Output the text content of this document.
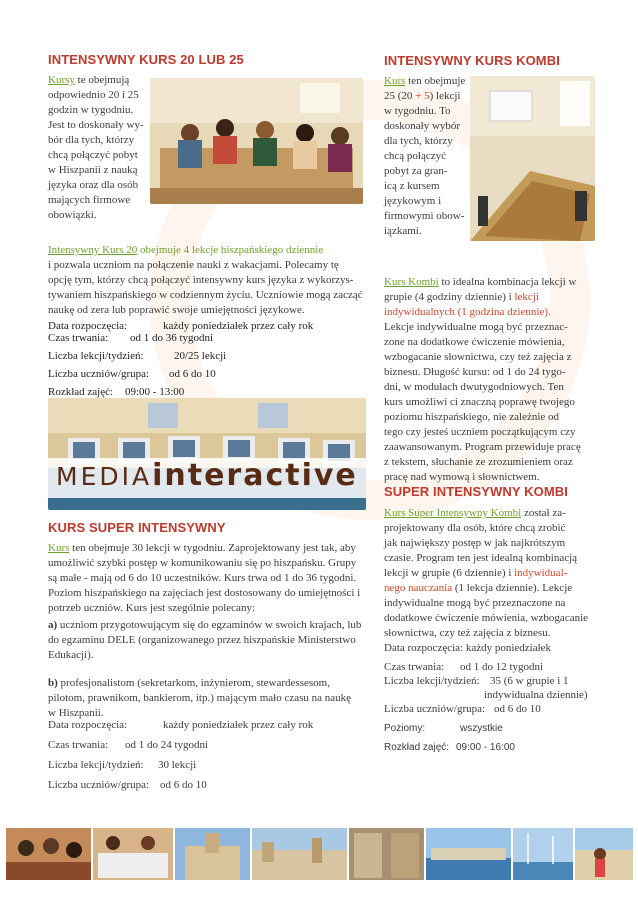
INTENSYWNY KURS 20 LUB 25
Kursy te obejmują
odpowiednio 20 i 25
godzin w tygodniu.
Jest to doskonały wy-
bór dla tych, którzy
chcą połączyć pobyt
w Hiszpanii z nauką
języka oraz dla osób
mających firmowe
obowiązki.
Intensywny Kurs 20 obejmuje 4 lekcje hiszpańskiego dziennie
i pozwala uczniom na połączenie nauki z wakacjami. Polecamy tę
opcję tym, którzy chcą połączyć intensywny kurs języka z wykorzys-
tywaniem hiszpańskiego w codziennym życiu. Uczniowie mogą zacząć
naukę od zera lub poprawić swoje umiejętności językowe.
Data rozpoczęcia:	każdy poniedziałek przez cały rok
Czas trwania:	od 1 do 36 tygodni
Liczba lekcji/tydzień:	20/25 lekcji
Liczba uczniów/grupa:	od 6 do 10
Rozkład zajęć:	09:00 - 13:00
MEDIAinteractive
KURS SUPER INTENSYWNY
Kurs ten obejmuje 30 lekcji w tygodniu. Zaprojektowany jest tak, aby
umożliwić szybki postęp w komunikowaniu się po hiszpańsku. Grupy
są małe - mają od 6 do 10 uczestników. Kurs trwa od 1 do 36 tygodni.
Poziom hiszpańskiego na zajęciach jest dostosowany do umiejętności i
potrzeb uczniów. Kurs jest szególnie polecany:
a) uczniom przygotowującym się do egzaminów w swoich krajach, lub
do egzaminu DELE (organizowanego przez hiszpańskie Ministerstwo
Edukacji).
b) profesjonalistom (sekretarkom, inżynierom, stewardessesom,
pilotom, prawnikom, bankierom, itp.) mającym mało czasu na naukę
w Hiszpanii.
Data rozpoczęcia:	każdy poniedziałek przez cały rok
Czas trwania:	od 1 do 24 tygodni
Liczba lekcji/tydzień:	30 lekcji
Liczba uczniów/grupa: od 6 do 10
INTENSYWNY KURS KOMBI
Kurs ten obejmuje
25 (20 + 5) lekcji
w tygodniu. To
doskonały wybór
dla tych, którzy
chcą połączyć
pobyt za gran-
icą z kursem
językowym i
firmowymi obow-
iązkami.
Kurs Kombi to idealna kombinacja lekcji w
grupie (4 godziny dziennie) i lekcji
indywidualnych (1 godzina dziennie).
Lekcje indywidualne mogą być przeznac-
zone na dodatkowe ćwiczenie mówienia,
wzbogacanie słownictwa, czy też zajęcia z
biznesu. Długość kursu: od 1 do 24 tygo-
dni, w modułach dwutygodniowych. Ten
kurs umożliwi ci znaczną poprawę twojego
poziomu hiszpańskiego, nie zależnie od
tego czy jesteś uczniem początkującym czy
zaawansowanym. Program przewiduje pracę
z tekstem, słuchanie ze zrozumieniem oraz
pracę nad wymową i słownictwem.
SUPER INTENSYWNY KOMBI
Kurs Super Intensywny Kombi został za-
projektowany dla osób, które chcą zrobić
jak największy postęp w jak najkrótszym
czasie. Program ten jest idealną kombinacją
lekcji w grupie (6 dziennie) i indywidual-
nego nauczania (1 lekcja dziennie). Lekcje
indywidualne mogą być przeznaczone na
dodatkowe ćwiczenie mówienia, wzbogacanie
słownictwa, czy też zajęcia z biznesu.
Data rozpoczęcia: każdy poniedziałek
Czas trwania:	od 1 do 12 tygodni
Liczba lekcji/tydzień: 35 (6 w grupie i 1
indywidualna dziennie)
Liczba uczniów/grupa: od 6 do 10
Poziomy:	wszystkie
Rozkład zajęć: 09:00 - 16:00
